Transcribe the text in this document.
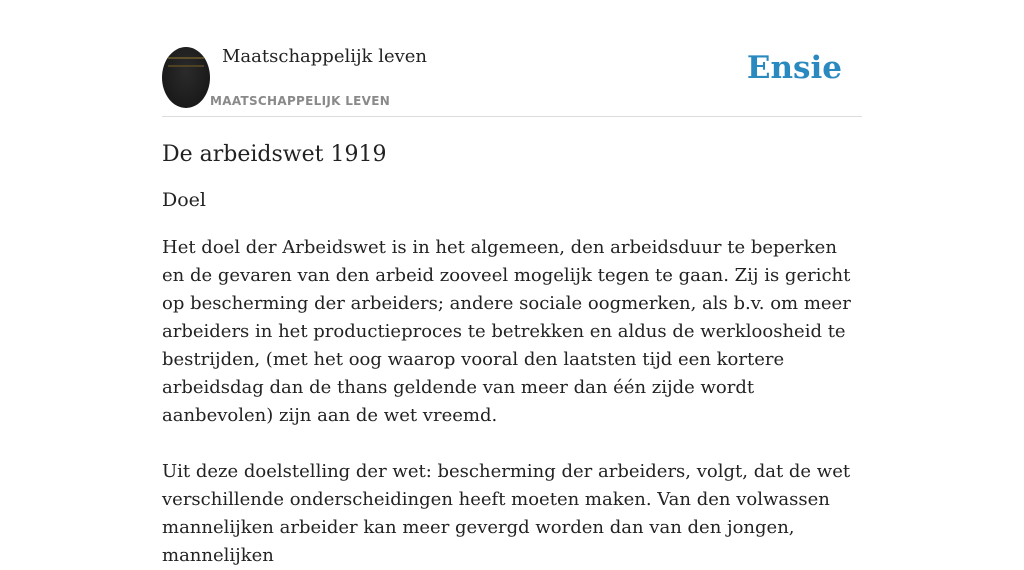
Maatschappelijk leven
MAATSCHAPPELIJK LEVEN
Ensie
De arbeidswet 1919
Doel

Het doel der Arbeidswet is in het algemeen, den arbeidsduur te beperken en de gevaren van den arbeid zooveel mogelijk tegen te gaan. Zij is gericht op bescherming der arbeiders; andere sociale oogmerken, als b.v. om meer arbeiders in het productieproces te betrekken en aldus de werkloosheid te bestrijden, (met het oog waarop vooral den laatsten tijd een kortere arbeidsdag dan de thans geldende van meer dan één zijde wordt aanbevolen) zijn aan de wet vreemd.

Uit deze doelstelling der wet: bescherming der arbeiders, volgt, dat de wet verschillende onderscheidingen heeft moeten maken. Van den volwassen mannelijken arbeider kan meer gevergd worden dan van den jongen, mannelijken
